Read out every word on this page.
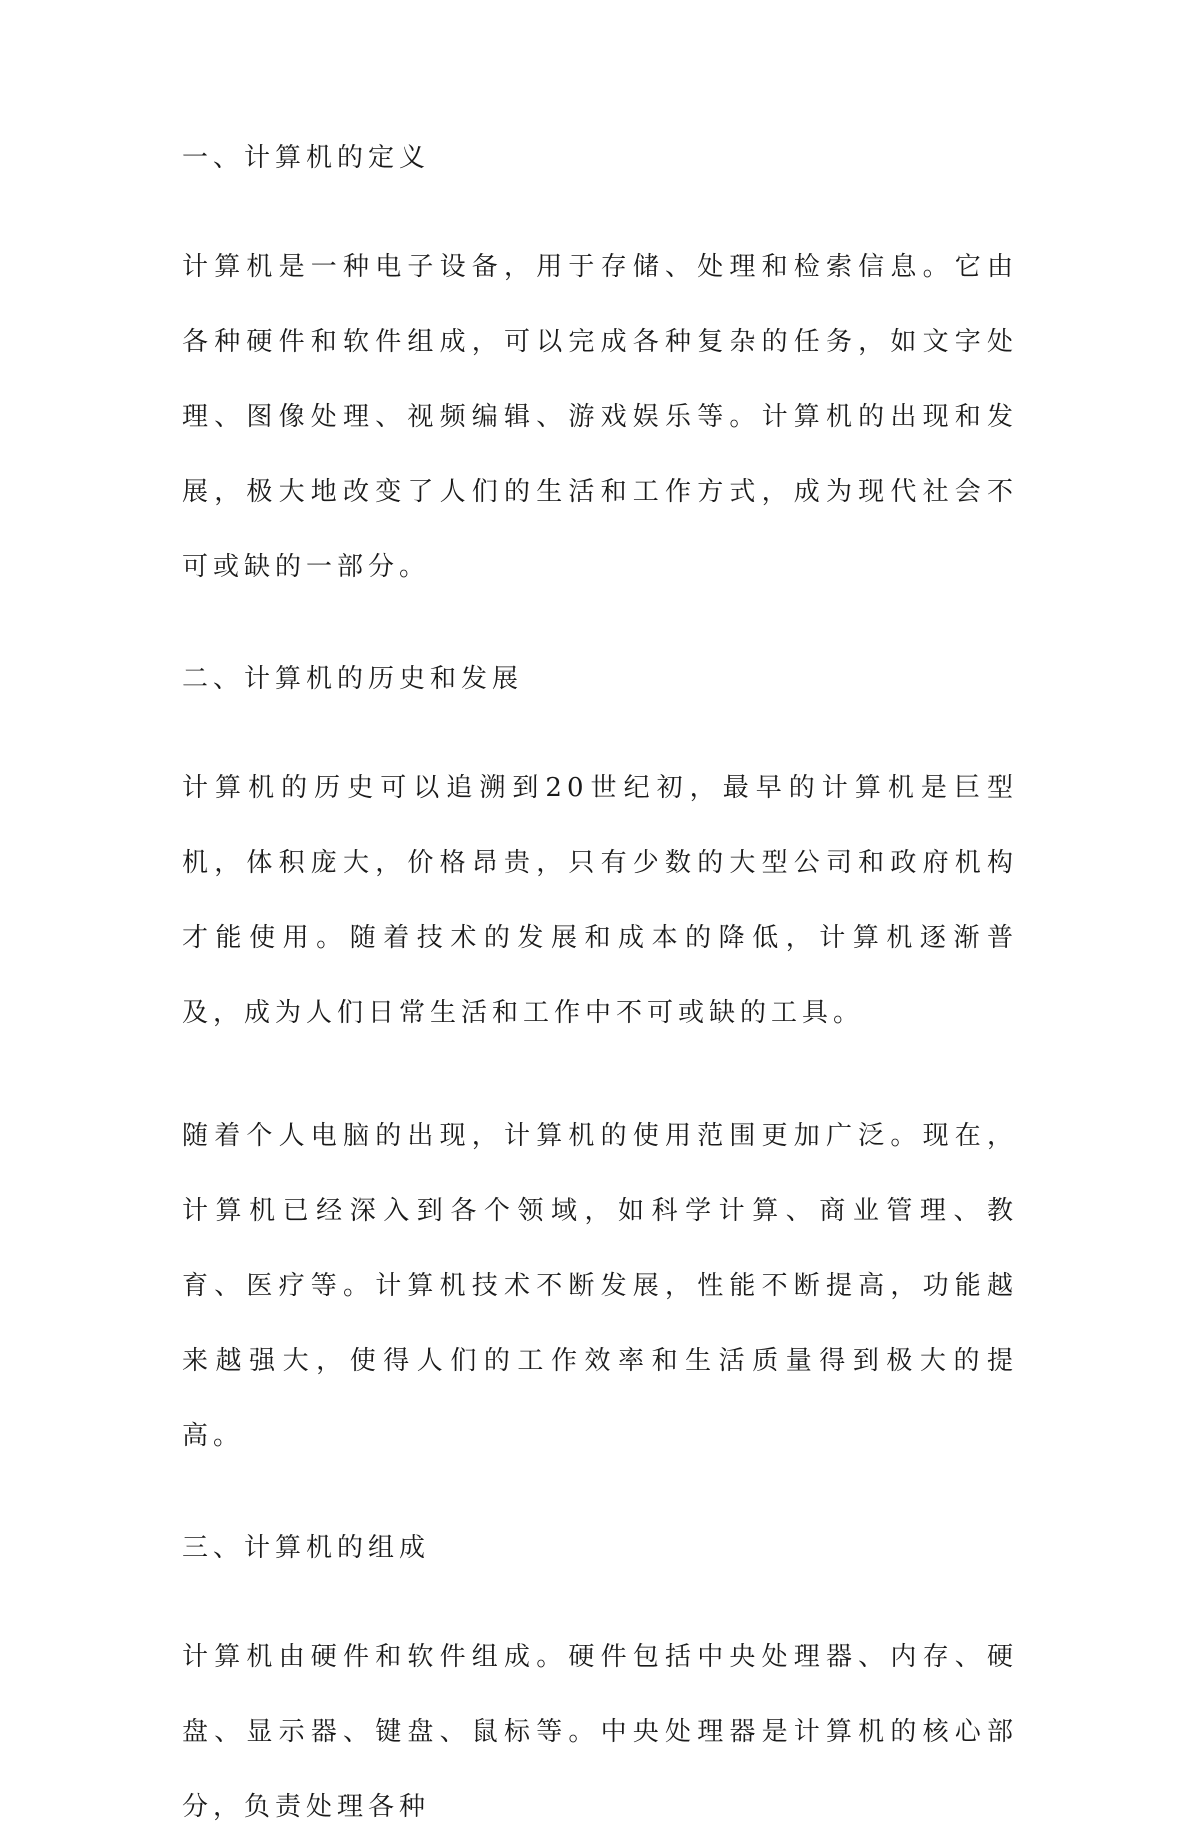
一、计算机的定义

计算机是一种电子设备，用于存储、处理和检索信息。它由各种硬件和软件组成，可以完成各种复杂的任务，如文字处理、图像处理、视频编辑、游戏娱乐等。计算机的出现和发展，极大地改变了人们的生活和工作方式，成为现代社会不可或缺的一部分。

二、计算机的历史和发展

计算机的历史可以追溯到20世纪初，最早的计算机是巨型机，体积庞大，价格昂贵，只有少数的大型公司和政府机构才能使用。随着技术的发展和成本的降低，计算机逐渐普及，成为人们日常生活和工作中不可或缺的工具。

随着个人电脑的出现，计算机的使用范围更加广泛。现在，计算机已经深入到各个领域，如科学计算、商业管理、教育、医疗等。计算机技术不断发展，性能不断提高，功能越来越强大，使得人们的工作效率和生活质量得到极大的提高。

三、计算机的组成

计算机由硬件和软件组成。硬件包括中央处理器、内存、硬盘、显示器、键盘、鼠标等。中央处理器是计算机的核心部分，负责处理各种
